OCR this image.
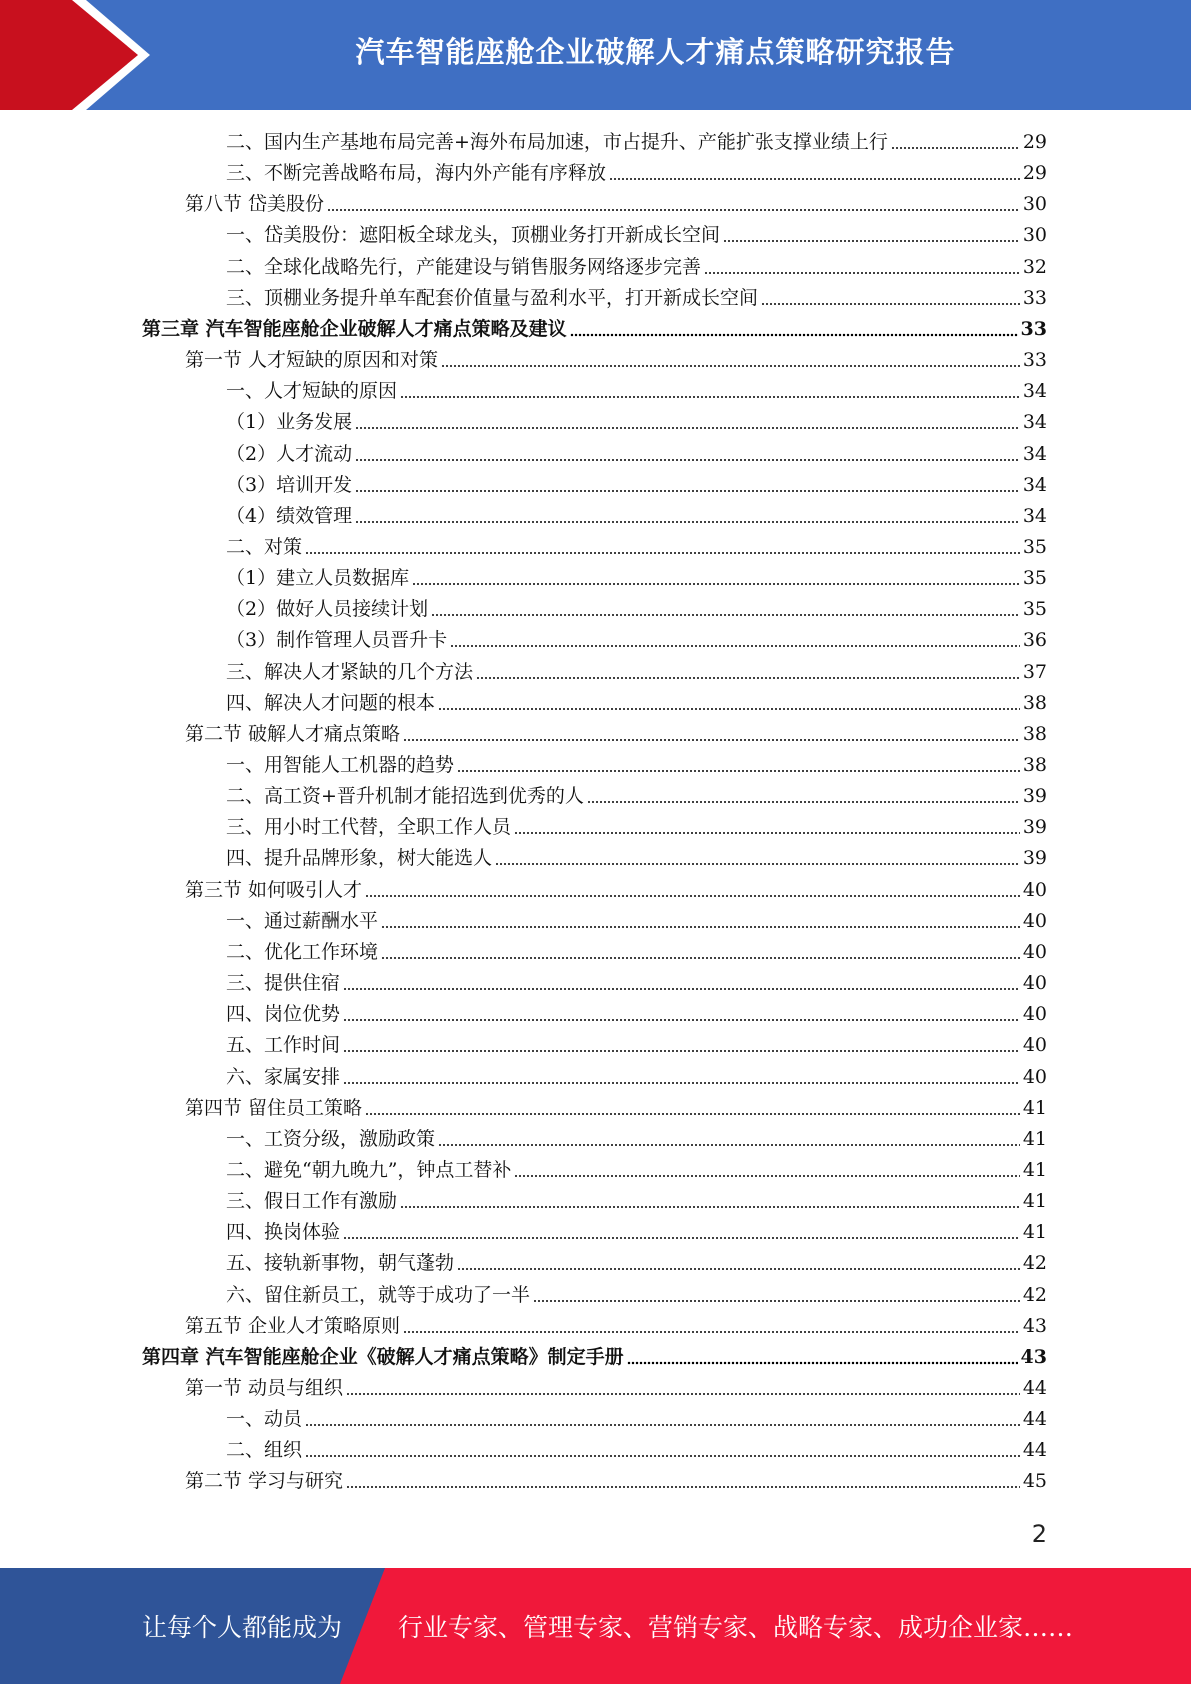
汽车智能座舱企业破解人才痛点策略研究报告
二、国内生产基地布局完善+海外布局加速，市占提升、产能扩张支撑业绩上行	29
三、不断完善战略布局，海内外产能有序释放	29
第八节 岱美股份	30
一、岱美股份：遮阳板全球龙头，顶棚业务打开新成长空间	30
二、全球化战略先行，产能建设与销售服务网络逐步完善	32
三、顶棚业务提升单车配套价值量与盈利水平，打开新成长空间	33
第三章 汽车智能座舱企业破解人才痛点策略及建议	33
第一节 人才短缺的原因和对策	33
一、人才短缺的原因	34
（1）业务发展	34
（2）人才流动	34
（3）培训开发	34
（4）绩效管理	34
二、对策	35
（1）建立人员数据库	35
（2）做好人员接续计划	35
（3）制作管理人员晋升卡	36
三、解决人才紧缺的几个方法	37
四、解决人才问题的根本	38
第二节 破解人才痛点策略	38
一、用智能人工机器的趋势	38
二、高工资+晋升机制才能招选到优秀的人	39
三、用小时工代替，全职工作人员	39
四、提升品牌形象，树大能选人	39
第三节 如何吸引人才	40
一、通过薪酬水平	40
二、优化工作环境	40
三、提供住宿	40
四、岗位优势	40
五、工作时间	40
六、家属安排	40
第四节 留住员工策略	41
一、工资分级，激励政策	41
二、避免“朝九晚九”，钟点工替补	41
三、假日工作有激励	41
四、换岗体验	41
五、接轨新事物，朝气蓬勃	42
六、留住新员工，就等于成功了一半	42
第五节 企业人才策略原则	43
第四章 汽车智能座舱企业《破解人才痛点策略》制定手册	43
第一节 动员与组织	44
一、动员	44
二、组织	44
第二节 学习与研究	45
2
让每个人都能成为 行业专家、管理专家、营销专家、战略专家、成功企业家……
